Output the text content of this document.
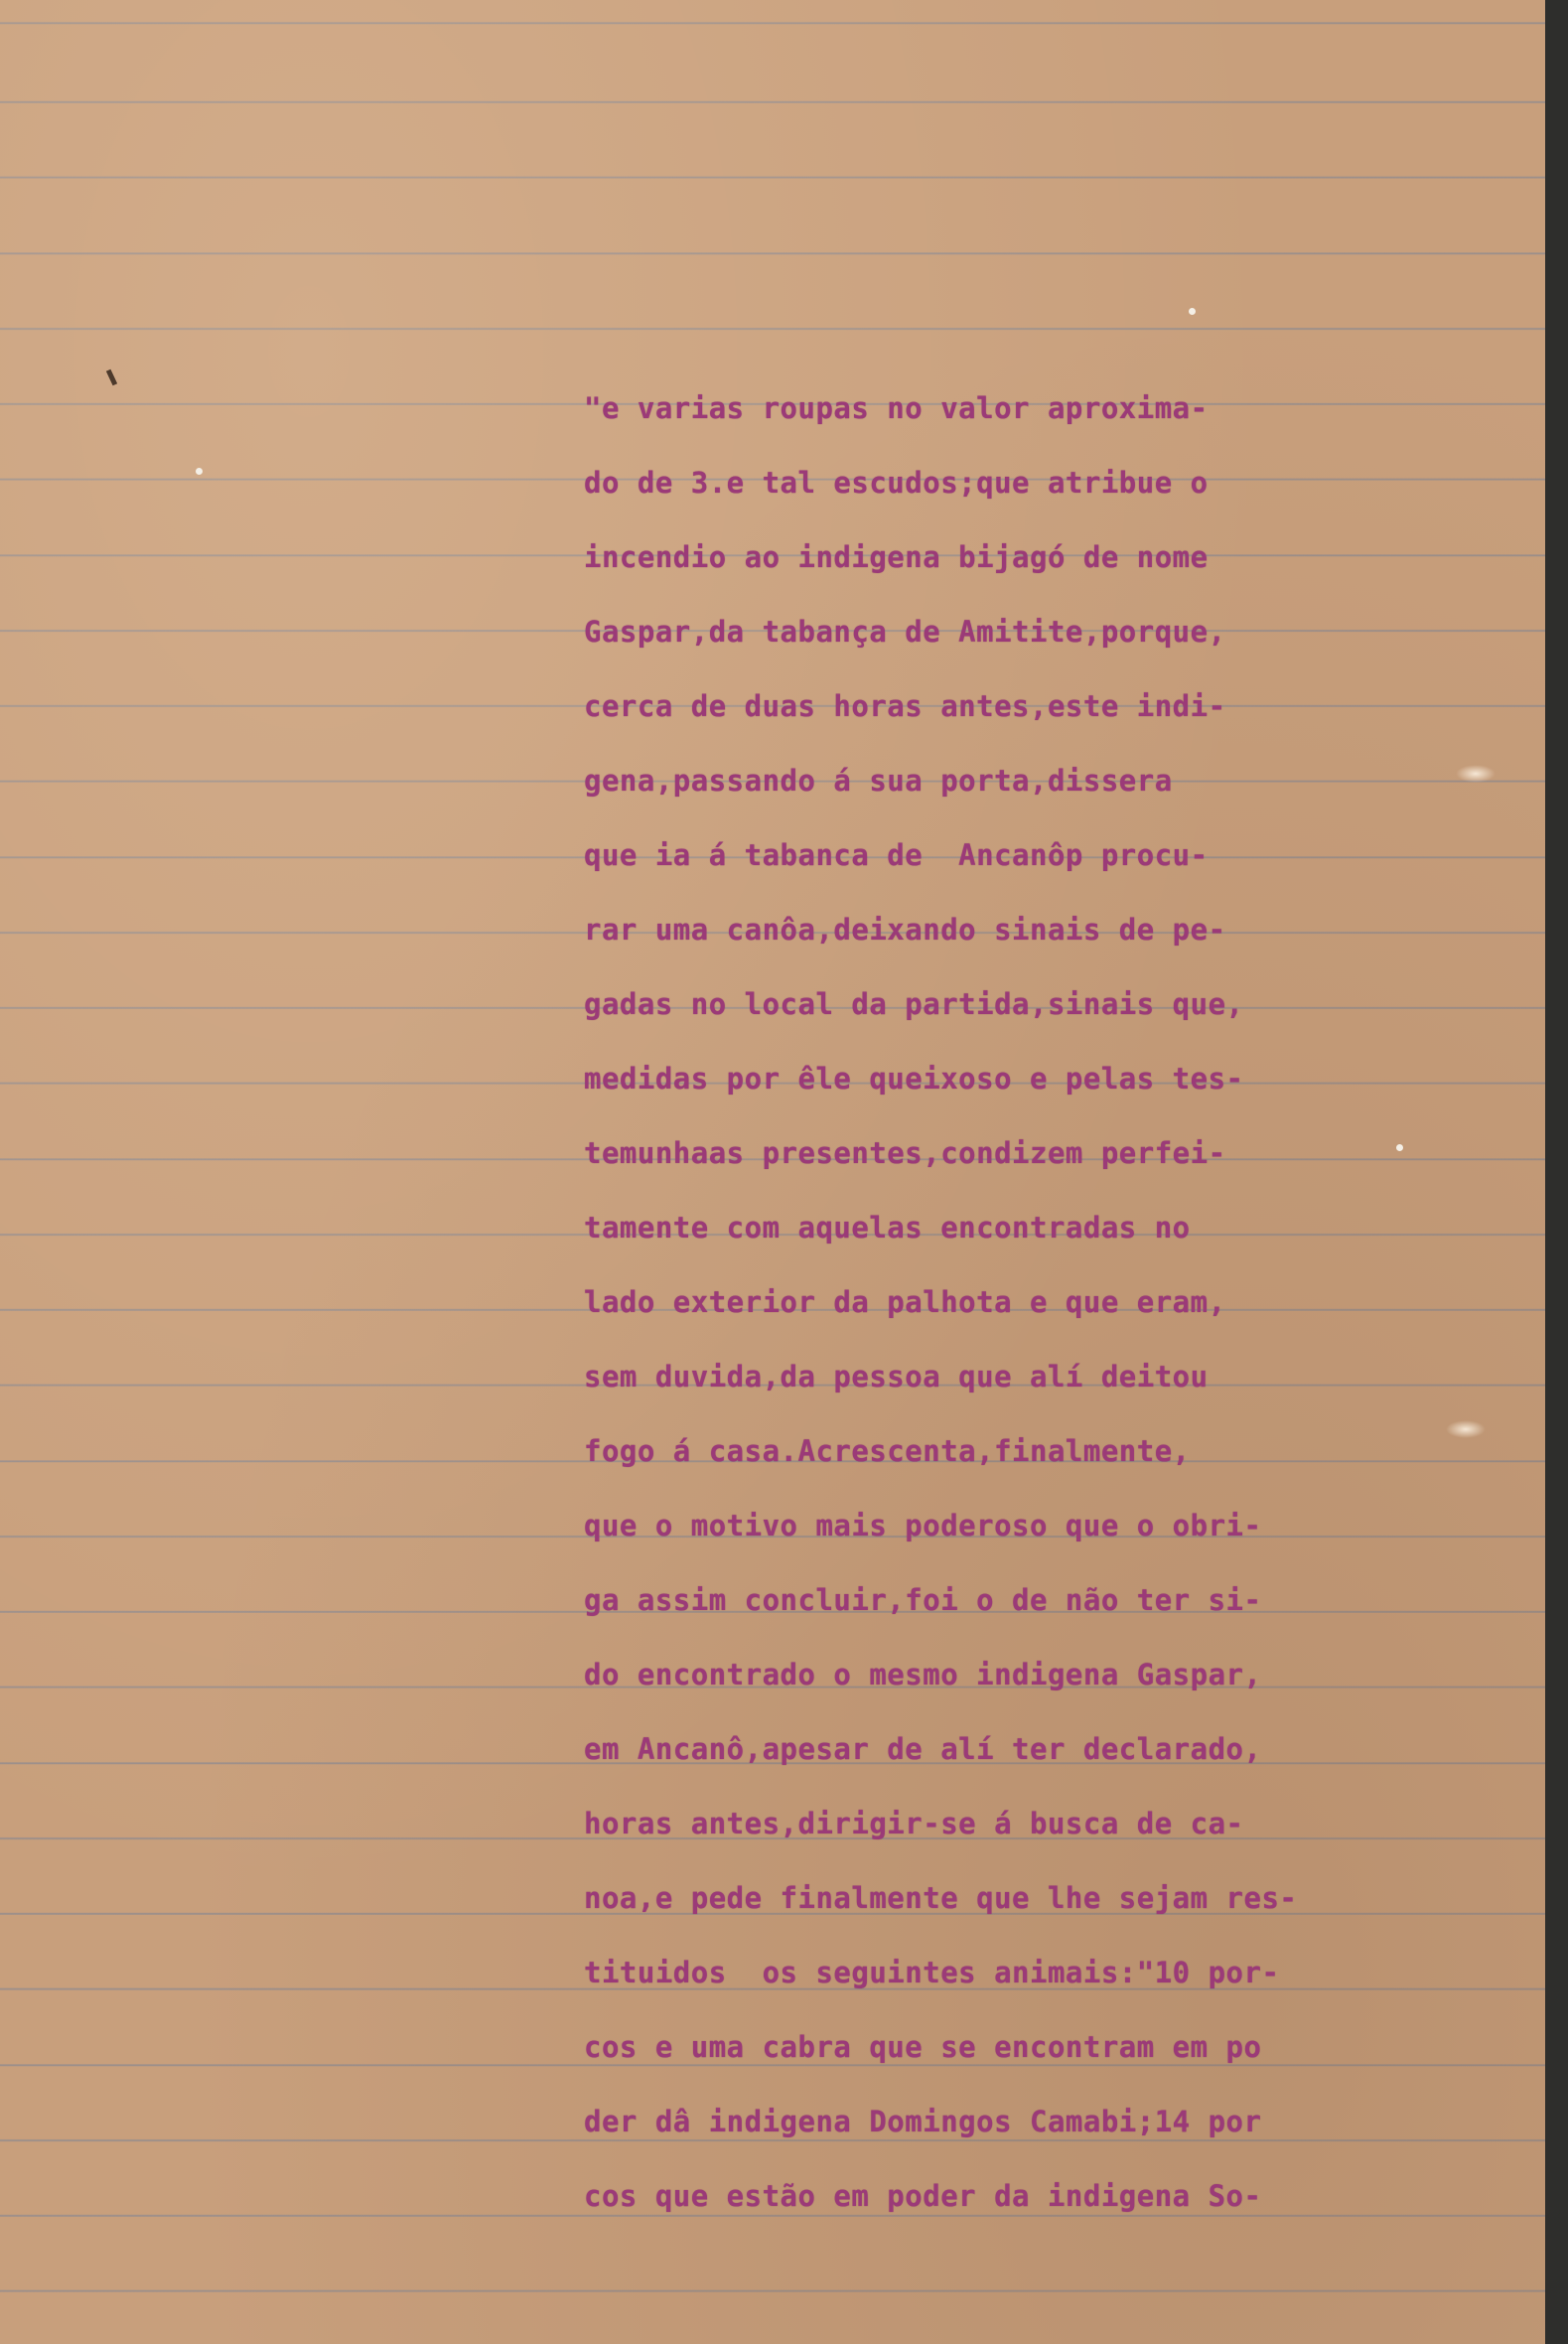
"e varias roupas no valor aproxima-
do de 3.e tal escudos;que atribue o
incendio ao indigena bijagó de nome
Gaspar,da tabança de Amitite,porque,
cerca de duas horas antes,este indi-
gena,passando á sua porta,dissera
que ia á tabanca de  Ancanôp procu-
rar uma canôa,deixando sinais de pe-
gadas no local da partida,sinais que,
medidas por êle queixoso e pelas tes-
temunhaas presentes,condizem perfei-
tamente com aquelas encontradas no
lado exterior da palhota e que eram,
sem duvida,da pessoa que alí deitou
fogo á casa.Acrescenta,finalmente,
que o motivo mais poderoso que o obri-
ga assim concluir,foi o de não ter si-
do encontrado o mesmo indigena Gaspar,
em Ancanô,apesar de alí ter declarado,
horas antes,dirigir-se á busca de ca-
noa,e pede finalmente que lhe sejam res-
tituidos  os seguintes animais:"10 por-
cos e uma cabra que se encontram em po
der dâ indigena Domingos Camabi;14 por
cos que estão em poder da indigena So-
